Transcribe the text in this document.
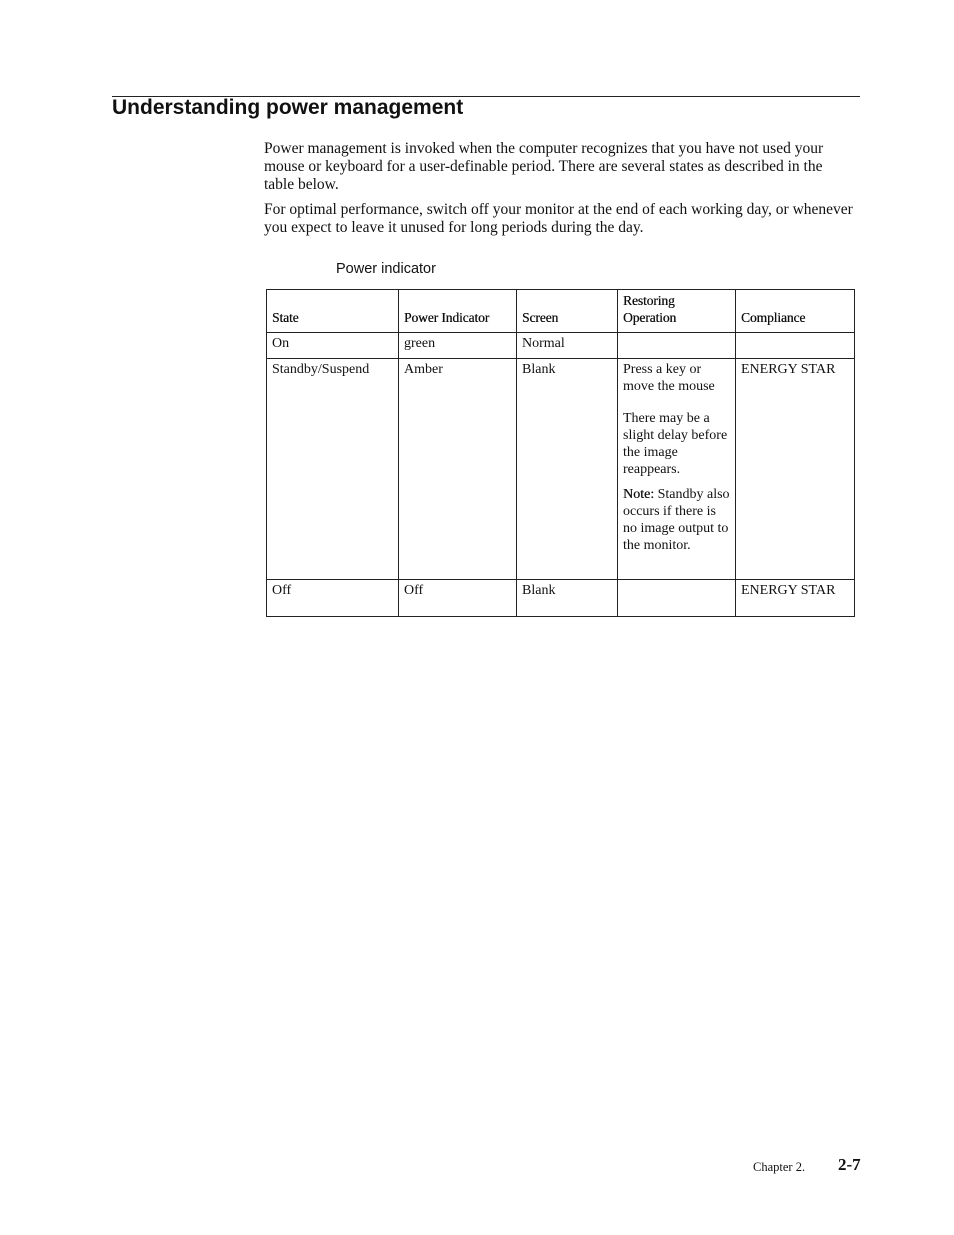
Understanding power management

Power management is invoked when the computer recognizes that you have not used your mouse or keyboard for a user-definable period. There are several states as described in the table below.

For optimal performance, switch off your monitor at the end of each working day, or whenever you expect to leave it unused for long periods during the day.

Power indicator
State	Power Indicator	Screen	Restoring Operation	Compliance
On	green	Normal		
Standby/Suspend	Amber	Blank	Press a key or move the mouse
There may be a slight delay before the image reappears.
Note: Standby also occurs if there is no image output to the monitor.	ENERGY STAR
Off	Off	Blank		ENERGY STAR
Chapter 2. 2-7
